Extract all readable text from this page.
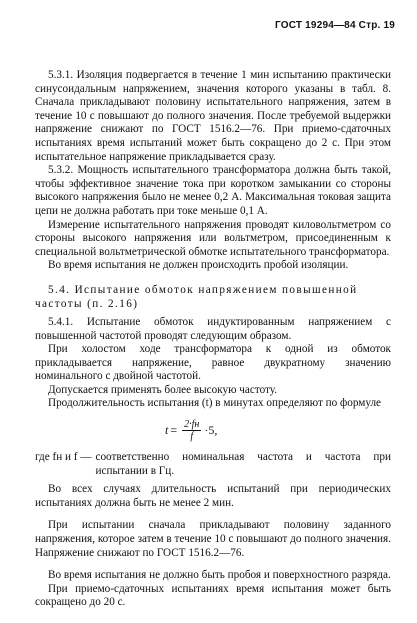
ГОСТ 19294—84 Стр. 19

5.3.1. Изоляция подвергается в течение 1 мин испытанию практически синусоидальным напряжением, значения которого указаны в табл. 8. Сначала прикладывают половину испытательного напряжения, затем в течение 10 с повышают до полного значения. После требуемой выдержки напряжение снижают по ГОСТ 1516.2—76. При приемо-сдаточных испытаниях время испытаний может быть сокращено до 2 с. При этом испытательное напряжение прикладывается сразу.

5.3.2. Мощность испытательного трансформатора должна быть такой, чтобы эффективное значение тока при коротком замыкании со стороны высокого напряжения было не менее 0,2 А. Максимальная токовая защита цепи не должна работать при токе меньше 0,1 А.

Измерение испытательного напряжения проводят киловольтметром со стороны высокого напряжения или вольтметром, присоединенным к специальной вольтметрической обмотке испытательного трансформатора.

Во время испытания не должен происходить пробой изоляции.

5.4. Испытание обмоток напряжением повышенной
частоты (п. 2.16)

5.4.1. Испытание обмоток индуктированным напряжением с повышенной частотой проводят следующим образом.

При холостом ходе трансформатора к одной из обмоток прикладывается напряжение, равное двукратному значению номинального с двойной частотой.

Допускается применять более высокую частоту.

Продолжительность испытания (t) в минутах определяют по формуле

$t = \frac{2\cdot fн}{f} \cdot 5$,
где fн и f — соответственно номинальная частота и частота при испытании в Гц.

Во всех случаях длительность испытаний при периодических испытаниях должна быть не менее 2 мин.

При испытании сначала прикладывают половину заданного напряжения, которое затем в течение 10 с повышают до полного значения. Напряжение снижают по ГОСТ 1516.2—76.

Во время испытания не должно быть пробоя и поверхностного разряда.

При приемо-сдаточных испытаниях время испытания может быть сокращено до 20 с.
